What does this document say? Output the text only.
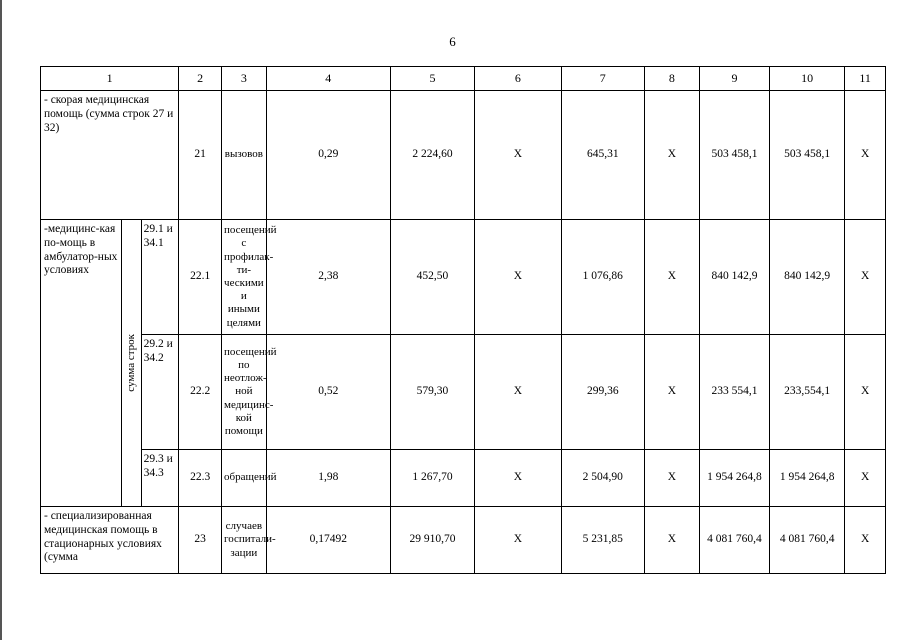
6
1			2	3	4	5	6	7	8	9	10	11
- скорая медицинская помощь (сумма строк 27 и 32)			21	вызовов	0,29	2 224,60	Х	645,31	Х	503 458,1	503 458,1	Х
-медицинс-кая по-мощь в амбулатор-ных условиях	сумма строк	29.1 и 34.1	22.1	посещений с профилак-ти-ческими и иными целями	2,38	452,50	Х	1 076,86	Х	840 142,9	840 142,9	Х
		29.2 и 34.2	22.2	посещений по неотлож-ной медицинс-кой помощи	0,52	579,30	Х	299,36	Х	233 554,1	233,554,1	Х
		29.3 и 34.3	22.3	обращений	1,98	1 267,70	Х	2 504,90	Х	1 954 264,8	1 954 264,8	Х
- специализированная медицинская помощь в стационарных условиях (сумма			23	случаев госпитали-зации	0,17492	29 910,70	Х	5 231,85	Х	4 081 760,4	4 081 760,4	Х
